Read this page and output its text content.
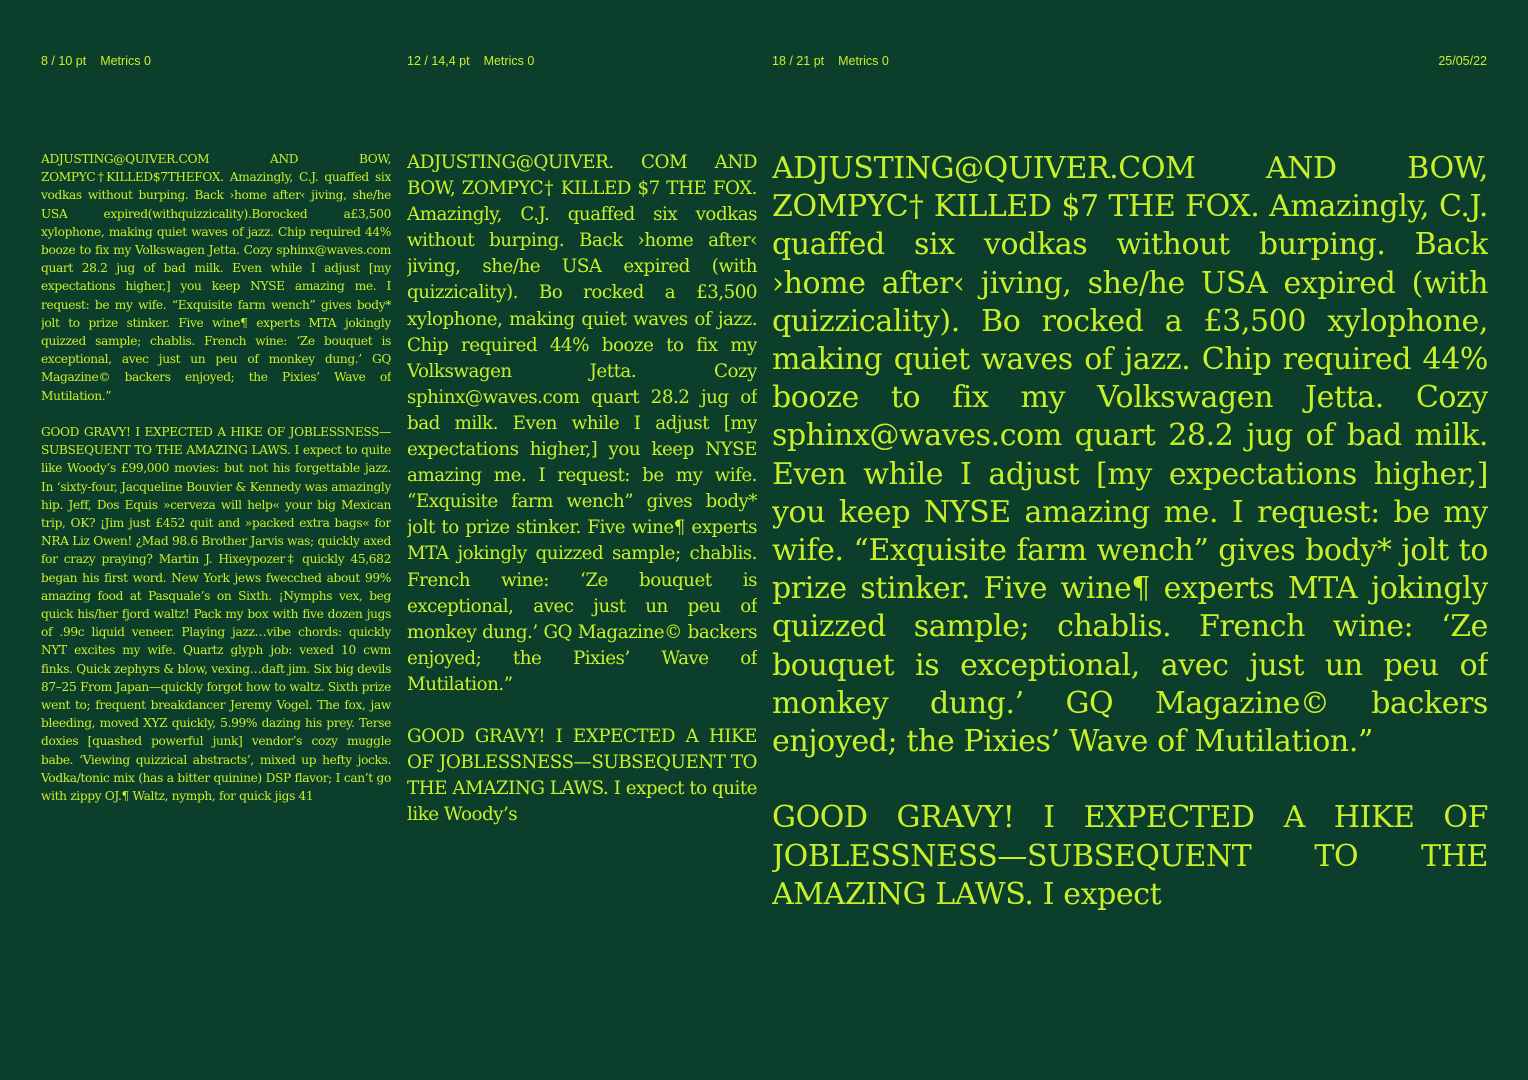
8 / 10 pt Metrics 0	12 / 14,4 pt Metrics 0	18 / 21 pt Metrics 0	25/05/22

ADJUSTING@QUIVER.COM AND BOW, ZOMPYC†KILLED$7THEFOX. Amazingly, C.J. quaffed six vodkas without burping. Back ›home after‹ jiving, she/he USA expired(withquizzicality).Borocked a£3,500 xylophone, making quiet waves of jazz. Chip required 44% booze to fix my Volkswagen Jetta. Cozy sphinx@waves.com quart 28.2 jug of bad milk. Even while I adjust [my expectations higher,] you keep NYSE amazing me. I request: be my wife. “Exquisite farm wench” gives body* jolt to prize stinker. Five wine¶ experts MTA jokingly quizzed sample; chablis. French wine: ‘Ze bouquet is exceptional, avec just un peu of monkey dung.’ GQ Magazine© backers enjoyed; the Pixies’ Wave of Mutilation.”

GOOD GRAVY! I EXPECTED A HIKE OF JOBLESSNESS—SUBSEQUENT TO THE AMAZING LAWS. I expect to quite like Woody’s £99,000 movies: but not his forgettable jazz. In ‘sixty-four, Jacqueline Bouvier & Kennedy was amazingly hip. Jeff, Dos Equis »cerveza will help« your big Mexican trip, OK? ¡Jim just £452 quit and »packed extra bags« for NRA Liz Owen! ¿Mad 98.6 Brother Jarvis was; quickly axed for crazy praying? Martin J. Hixeypozer‡ quickly 45,682 began his first word. New York jews fwecched about 99% amazing food at Pasquale’s on Sixth. ¡Nymphs vex, beg quick his/her fjord waltz! Pack my box with five dozen jugs of .99c liquid veneer. Playing jazz…vibe chords: quickly NYT excites my wife. Quartz glyph job: vexed 10 cwm finks. Quick zephyrs & blow, vexing…daft jim. Six big devils 87–25 From Japan—quickly forgot how to waltz. Sixth prize went to; frequent breakdancer Jeremy Vogel. The fox, jaw bleeding, moved XYZ quickly, 5.99% dazing his prey. Terse doxies [quashed powerful junk] vendor’s cozy muggle babe. ‘Viewing quizzical abstracts’, mixed up hefty jocks. Vodka/tonic mix (has a bitter quinine) DSP flavor; I can’t go with zippy OJ.¶ Waltz, nymph, for quick jigs 41

ADJUSTING@QUIVER. COM AND BOW, ZOMPYC† KILLED $7 THE FOX. Amazingly, C.J. quaffed six vodkas without burping. Back ›home after‹ jiving, she/he USA expired (with quizzicality). Bo rocked a £3,500 xylophone, making quiet waves of jazz. Chip required 44% booze to fix my Volkswagen Jetta. Cozy sphinx@waves.com quart 28.2 jug of bad milk. Even while I adjust [my expectations higher,] you keep NYSE amazing me. I request: be my wife. “Exquisite farm wench” gives body* jolt to prize stinker. Five wine¶ experts MTA jokingly quizzed sample; chablis. French wine: ‘Ze bouquet is exceptional, avec just un peu of monkey dung.’ GQ Magazine© backers enjoyed; the Pixies’ Wave of Mutilation.”

GOOD GRAVY! I EXPECTED A HIKE OF JOBLESSNESS—SUBSEQUENT TO THE AMAZING LAWS. I expect to quite like Woody’s

ADJUSTING@QUIVER.COM AND BOW, ZOMPYC† KILLED $7 THE FOX. Amazingly, C.J. quaffed six vodkas without burping. Back ›home after‹ jiving, she/he USA expired (with quizzicality). Bo rocked a £3,500 xylophone, making quiet waves of jazz. Chip required 44% booze to fix my Volkswagen Jetta. Cozy sphinx@waves.com quart 28.2 jug of bad milk. Even while I adjust [my expectations higher,] you keep NYSE amazing me. I request: be my wife. “Exquisite farm wench” gives body* jolt to prize stinker. Five wine¶ experts MTA jokingly quizzed sample; chablis. French wine: ‘Ze bouquet is exceptional, avec just un peu of monkey dung.’ GQ Magazine© backers enjoyed; the Pixies’ Wave of Mutilation.”

GOOD GRAVY! I EXPECTED A HIKE OF JOBLESSNESS—SUBSEQUENT TO THE AMAZING LAWS. I expect
